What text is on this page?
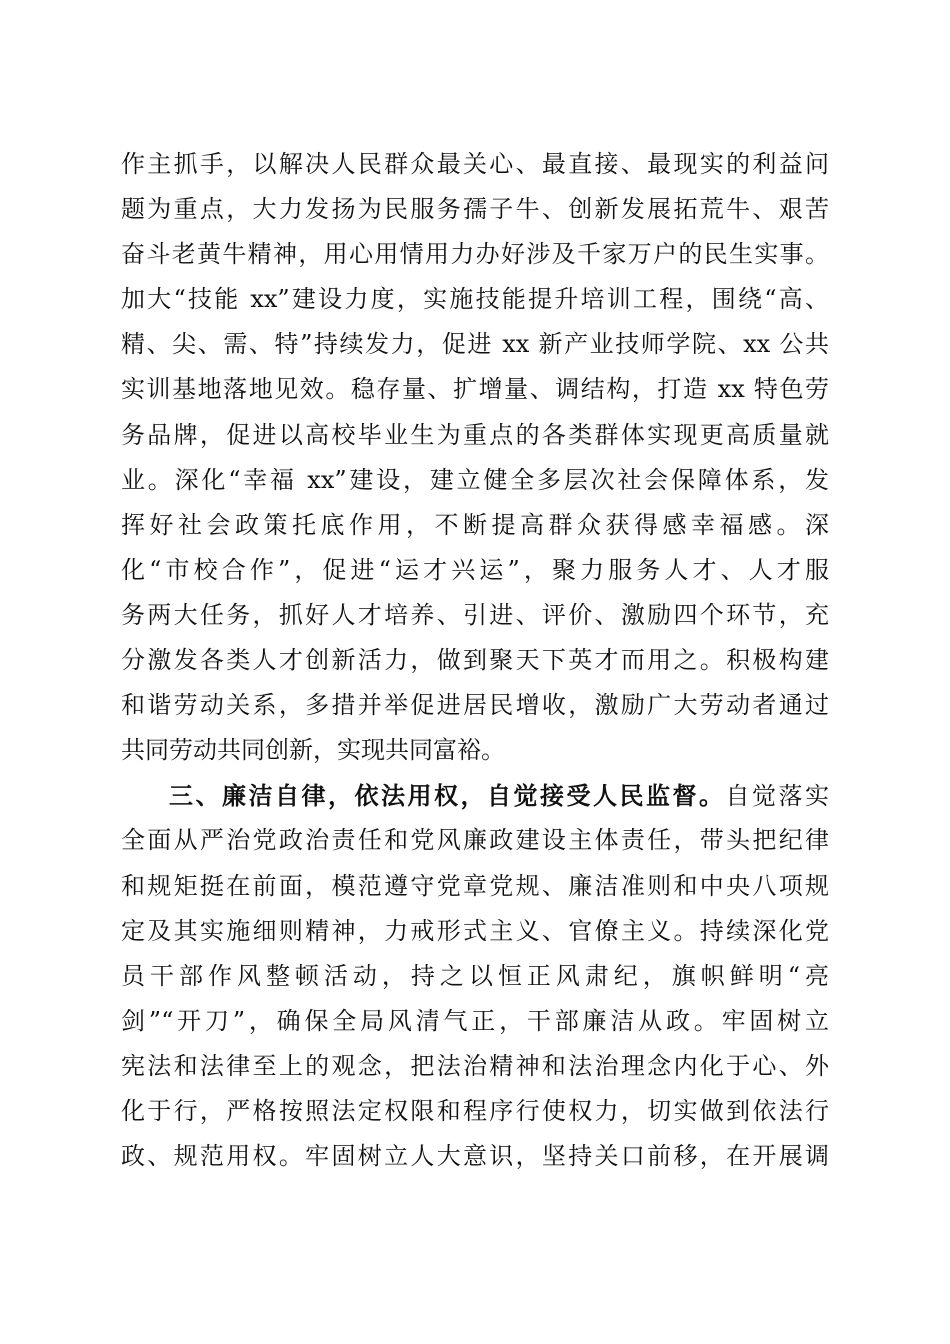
作主抓手，以解决人民群众最关心、最直接、最现实的利益问
题为重点，大力发扬为民服务孺子牛、创新发展拓荒牛、艰苦
奋斗老黄牛精神，用心用情用力办好涉及千家万户的民生实事。
加大“技能 xx”建设力度，实施技能提升培训工程，围绕“高、
精、尖、需、特”持续发力，促进 xx 新产业技师学院、xx 公共
实训基地落地见效。稳存量、扩增量、调结构，打造 xx 特色劳
务品牌，促进以高校毕业生为重点的各类群体实现更高质量就
业。深化“幸福 xx”建设，建立健全多层次社会保障体系，发
挥好社会政策托底作用，不断提高群众获得感幸福感。深
化“市校合作”，促进“运才兴运”，聚力服务人才、人才服
务两大任务，抓好人才培养、引进、评价、激励四个环节，充
分激发各类人才创新活力，做到聚天下英才而用之。积极构建
和谐劳动关系，多措并举促进居民增收，激励广大劳动者通过
共同劳动共同创新，实现共同富裕。
三、廉洁自律，依法用权，自觉接受人民监督。自觉落实
全面从严治党政治责任和党风廉政建设主体责任，带头把纪律
和规矩挺在前面，模范遵守党章党规、廉洁准则和中央八项规
定及其实施细则精神，力戒形式主义、官僚主义。持续深化党
员干部作风整顿活动，持之以恒正风肃纪，旗帜鲜明“亮
剑”“开刀”，确保全局风清气正，干部廉洁从政。牢固树立
宪法和法律至上的观念，把法治精神和法治理念内化于心、外
化于行，严格按照法定权限和程序行使权力，切实做到依法行
政、规范用权。牢固树立人大意识，坚持关口前移，在开展调
